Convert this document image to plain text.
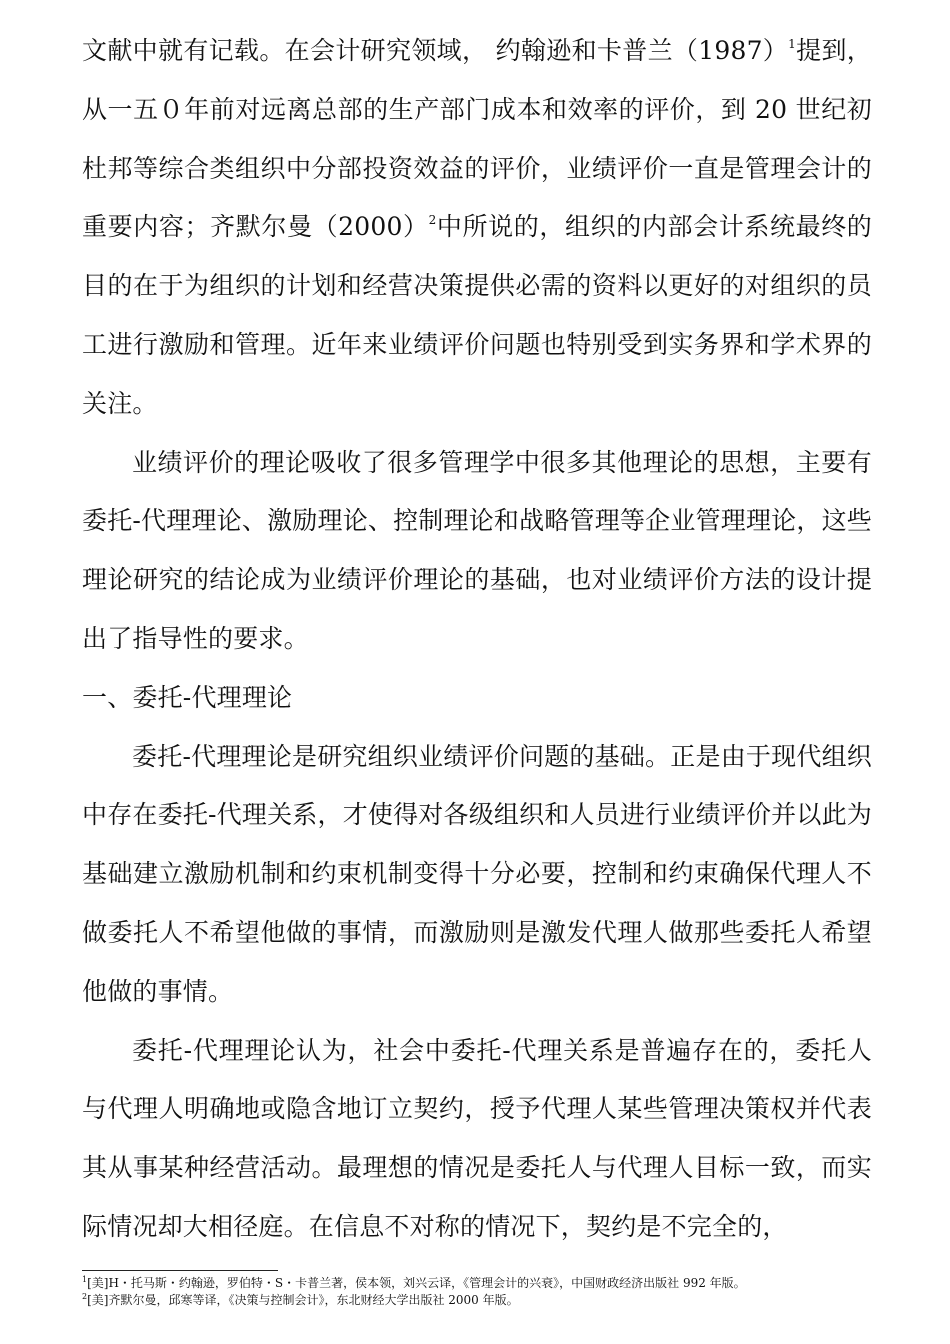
文献中就有记载。在会计研究领域， 约翰逊和卡普兰$(1987)^1$提到，从一五０年前对远离总部的生产部门成本和效率的评价，到 20 世纪初杜邦等综合类组织中分部投资效益的评价，业绩评价一直是管理会计的重要内容；齐默尔曼$(2000)^2$中所说的，组织的内部会计系统最终的目的在于为组织的计划和经营决策提供必需的资料以更好的对组织的员工进行激励和管理。近年来业绩评价问题也特别受到实务界和学术界的关注。

业绩评价的理论吸收了很多管理学中很多其他理论的思想，主要有委托-代理理论、激励理论、控制理论和战略管理等企业管理理论，这些理论研究的结论成为业绩评价理论的基础，也对业绩评价方法的设计提出了指导性的要求。

一、委托-代理理论

委托-代理理论是研究组织业绩评价问题的基础。正是由于现代组织中存在委托-代理关系，才使得对各级组织和人员进行业绩评价并以此为基础建立激励机制和约束机制变得十分必要，控制和约束确保代理人不做委托人不希望他做的事情，而激励则是激发代理人做那些委托人希望他做的事情。

委托-代理理论认为，社会中委托-代理关系是普遍存在的，委托人与代理人明确地或隐含地订立契约，授予代理人某些管理决策权并代表其从事某种经营活动。最理想的情况是委托人与代理人目标一致，而实际情况却大相径庭。在信息不对称的情况下，契约是不完全的，

$^1$[美]H・托马斯・约翰逊，罗伯特・S・卡普兰著，侯本领，刘兴云译，《管理会计的兴衰》，中国财政经济出版社 992 年版。

$^2$[美]齐默尔曼，邱寒等译，《决策与控制会计》，东北财经大学出版社 2000 年版。
